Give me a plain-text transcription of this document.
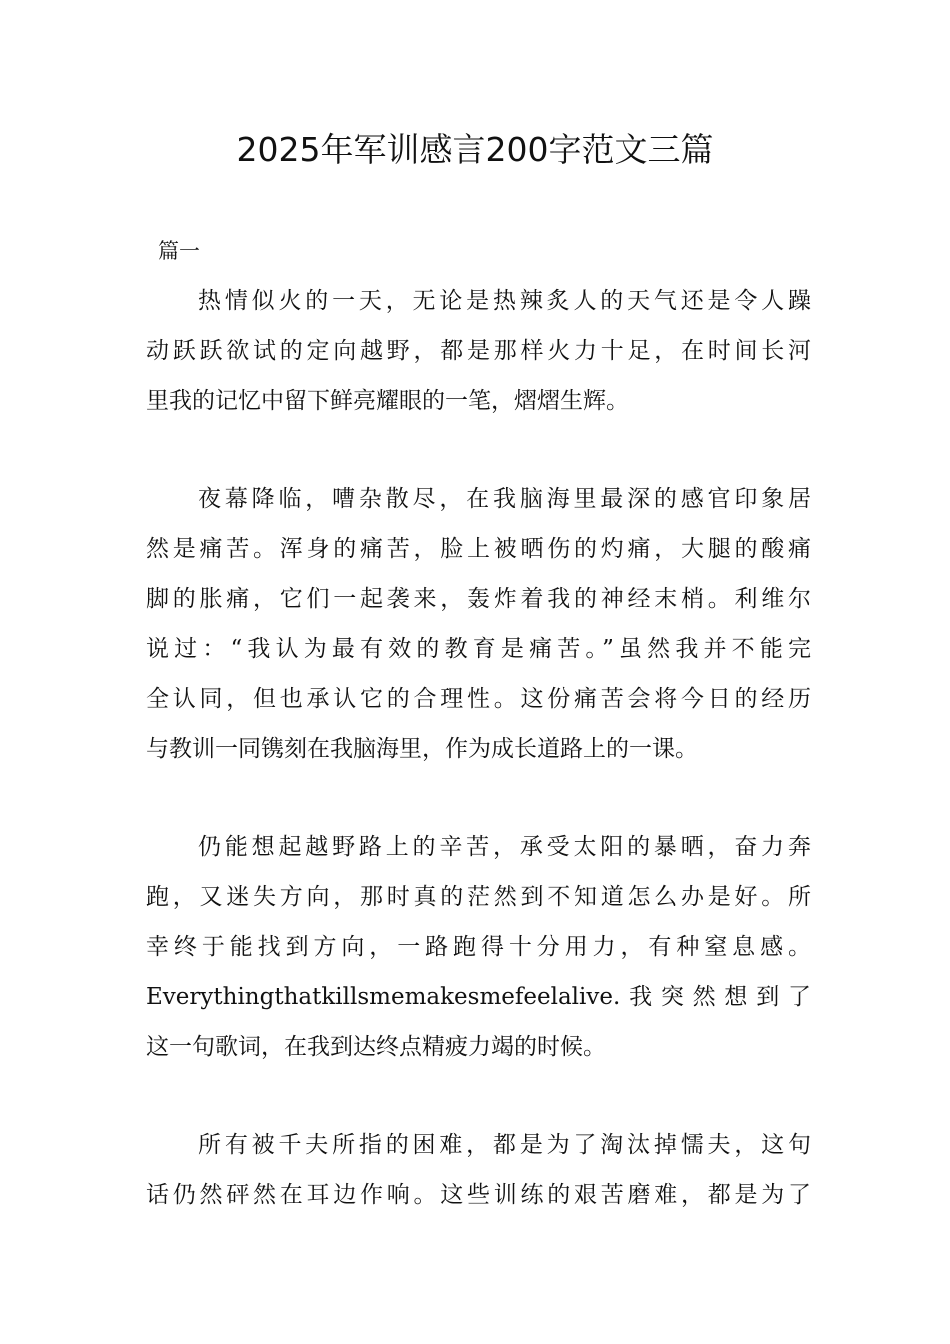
2025年军训感言200字范文三篇
篇一
热情似火的一天，无论是热辣炙人的天气还是令人躁
动跃跃欲试的定向越野，都是那样火力十足，在时间长河
里我的记忆中留下鲜亮耀眼的一笔，熠熠生辉。
夜幕降临，嘈杂散尽，在我脑海里最深的感官印象居
然是痛苦。浑身的痛苦，脸上被晒伤的灼痛，大腿的酸痛
脚的胀痛，它们一起袭来，轰炸着我的神经末梢。利维尔
说过：“我认为最有效的教育是痛苦。”虽然我并不能完
全认同，但也承认它的合理性。这份痛苦会将今日的经历
与教训一同镌刻在我脑海里，作为成长道路上的一课。
仍能想起越野路上的辛苦，承受太阳的暴晒，奋力奔
跑，又迷失方向，那时真的茫然到不知道怎么办是好。所
幸终于能找到方向，一路跑得十分用力，有种窒息感。
Everythingthatkillsmemakesmefeelalive.我突然想到了
这一句歌词，在我到达终点精疲力竭的时候。
所有被千夫所指的困难，都是为了淘汰掉懦夫，这句
话仍然砰然在耳边作响。这些训练的艰苦磨难，都是为了
